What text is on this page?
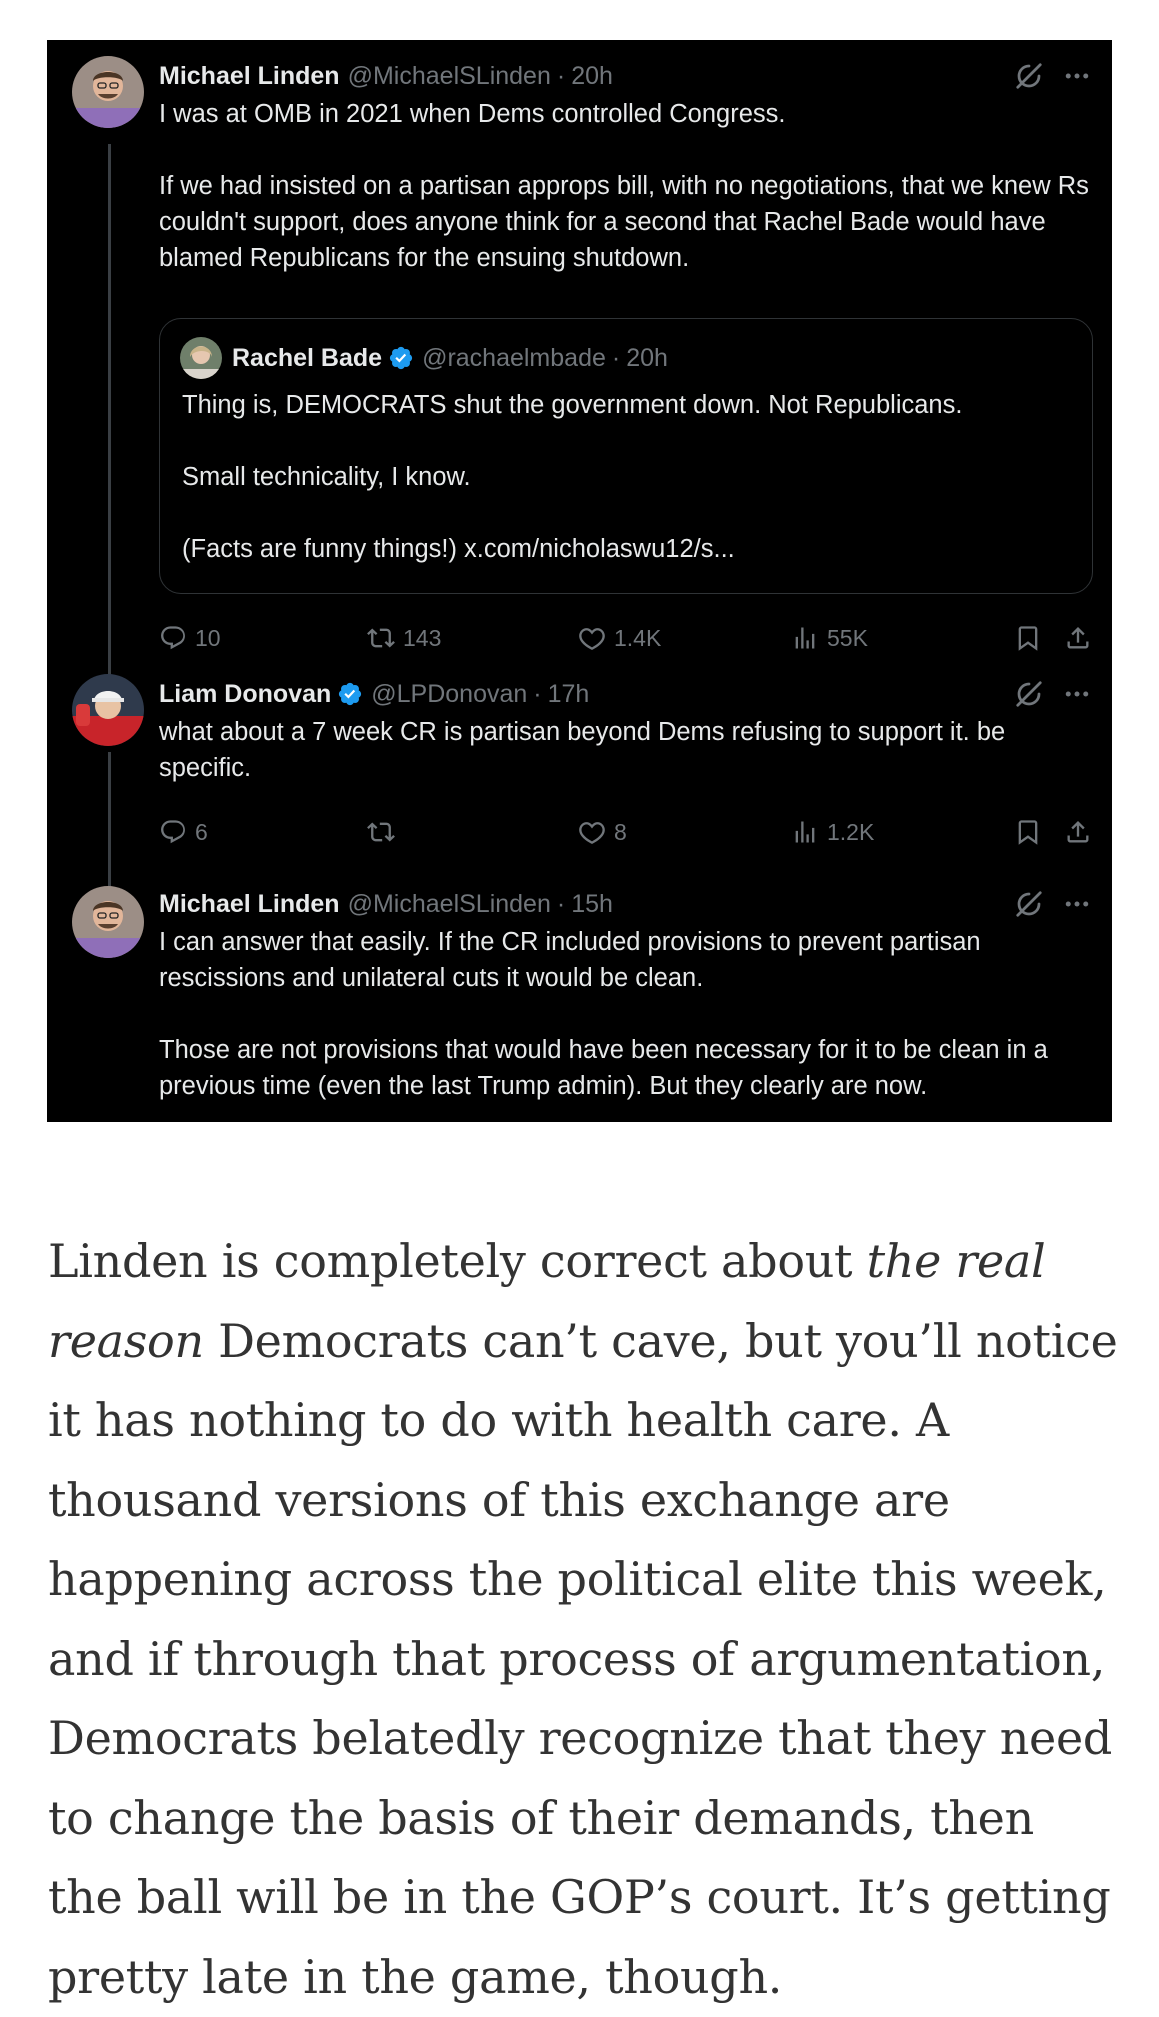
Michael Linden @MichaelSLinden · 20h

I was at OMB in 2021 when Dems controlled Congress.

If we had insisted on a partisan approps bill, with no negotiations, that we knew Rs couldn't support, does anyone think for a second that Rachel Bade would have blamed Republicans for the ensuing shutdown.

Rachel Bade @rachaelmbade · 20h

Thing is, DEMOCRATS shut the government down. Not Republicans.

Small technicality, I know.

(Facts are funny things!) x.com/nicholaswu12/s...

10	143	1.4K	55K
Liam Donovan @LPDonovan · 17h

what about a 7 week CR is partisan beyond Dems refusing to support it. be specific.

6	8	1.2K
Michael Linden @MichaelSLinden · 15h

I can answer that easily. If the CR included provisions to prevent partisan rescissions and unilateral cuts it would be clean.

Those are not provisions that would have been necessary for it to be clean in a previous time (even the last Trump admin). But they clearly are now.

Linden is completely correct about the real reason Democrats can’t cave, but you’ll notice it has nothing to do with health care. A thousand versions of this exchange are happening across the political elite this week, and if through that process of argumentation, Democrats belatedly recognize that they need to change the basis of their demands, then the ball will be in the GOP’s court. It’s getting pretty late in the game, though.
